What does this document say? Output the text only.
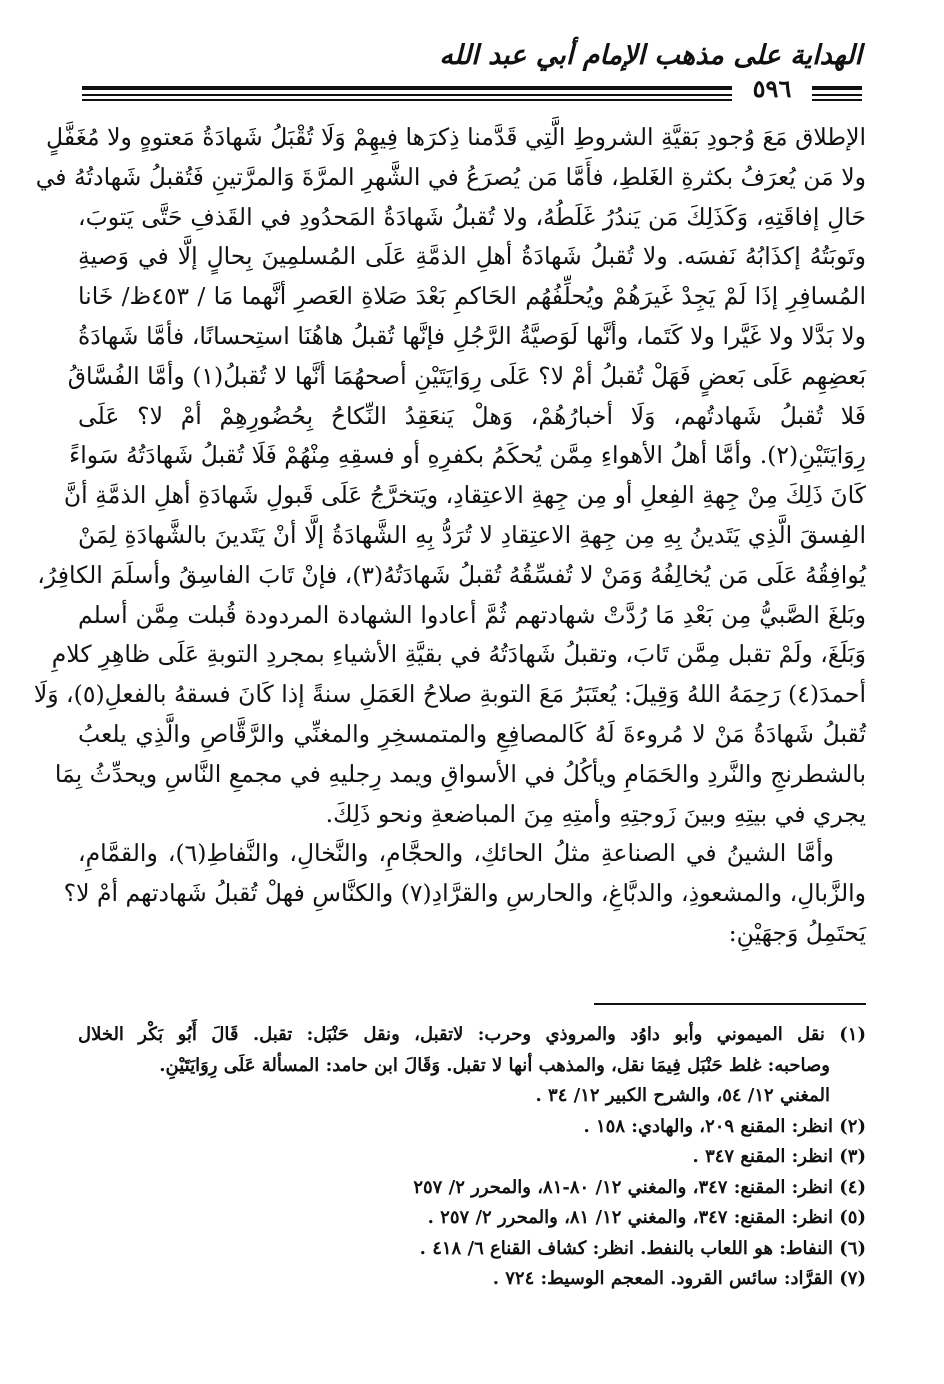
الهداية على مذهب الإمام أبي عبد الله
٥٩٦
الإطلاق مَعَ وُجودِ بَقيَّةِ الشروطِ الَّتِي قَدَّمنا ذِكرَها فِيهِمْ وَلَا تُقْبَلُ شَهادَةُ مَعتوهٍ ولا مُغَفَّلٍ
ولا مَن يُعرَفُ بكثرةِ الغَلطِ، فأَمَّا مَن يُصرَعُ في الشَّهرِ المرَّةَ وَالمرَّتينِ فَتُقبلُ شَهادتُهُ في
حَالِ إفاقَتِهِ، وَكَذَلِكَ مَن يَندُرُ غَلَطُهُ، ولا تُقبلُ شَهادَةُ المَحدُودِ في القَذفِ حَتَّى يَتوبَ،
وتَوبَتُهُ إكذَابُهُ نَفسَه. ولا تُقبلُ شَهادَةُ أهلِ الذمَّةِ عَلَى المُسلمِينَ بِحالٍ إلَّا في وَصيةِ
المُسافِرِ إذَا لَمْ يَجِدْ غَيرَهُمْ ويُحلِّفُهُم الحَاكمِ بَعْدَ صَلاةِ العَصرِ أنَّهما مَا / ٤٥٣ظ/ خَانا
ولا بَدَّلا ولا غَيَّرا ولا كَتَما، وأنَّها لَوَصيَّةُ الرَّجُلِ فإنَّها تُقبلُ هاهُنَا استِحسانًا، فأمَّا شَهادَةُ
بَعضِهِم عَلَى بَعضٍ فَهَلْ تُقبلُ أمْ لا؟ عَلَى رِوَايَتَيْنِ أصحهُمَا أنَّها لا تُقبلُ(١) وأمَّا الفُسَّاقُ
فَلا تُقبلُ شَهادتُهم، وَلَا أخبارُهُمْ، وَهلْ يَنعَقِدُ النِّكاحُ بِحُضُورِهِمْ أمْ لا؟ عَلَى
رِوَايَتَيْنِ(٢). وأمَّا أهلُ الأهواءِ مِمَّن يُحكَمُ بكفرِهِ أو فسقِهِ مِنْهُمْ فَلَا تُقبلُ شَهادَتُهُ سَواءً
كَانَ ذَلِكَ مِنْ جِهةِ الفِعلِ أو مِن جِهةِ الاعتِقادِ، ويَتخرَّجُ عَلَى قَبولِ شَهادَةِ أهلِ الذمَّةِ أنَّ
الفِسقَ الَّذِي يَتَدينُ بِهِ مِن جِهةِ الاعتِقادِ لا تُرَدُّ بِهِ الشَّهادَةُ إلَّا أنْ يَتَدينَ بالشَّهادَةِ لِمَنْ
يُوافِقُهُ عَلَى مَن يُخالِفُهُ وَمَنْ لا تُفسِّقُهُ تُقبلُ شَهادَتُهُ(٣)، فإنْ تَابَ الفاسِقُ وأسلَمَ الكافِرُ،
وبَلغَ الصَّبيُّ مِن بَعْدِ مَا رُدَّتْ شهادتهم ثُمَّ أعادوا الشهادة المردودة قُبلت مِمَّن أسلم
وَبَلَغَ، ولَمْ تقبل مِمَّن تَابَ، وتقبلُ شَهادَتُهُ في بقيَّةِ الأشياءِ بمجردِ التوبةِ عَلَى ظاهِرِ كلامِ
أحمدَ(٤) رَحِمَهُ اللهُ وَقِيلَ: يُعتَبَرُ مَعَ التوبةِ صلاحُ العَمَلِ سنةً إذا كَانَ فسقهُ بالفعلِ(٥)، وَلَا
تُقبلُ شَهادَةُ مَنْ لا مُروءةَ لَهُ كَالمصافِعِ والمتمسخِرِ والمغنِّي والرَّقَّاصِ والَّذِي يلعبُ
بالشطرنجِ والنَّردِ والحَمَامِ ويأكُلُ في الأسواقِ ويمد رِجليهِ في مجمعِ النَّاسِ ويحدِّثُ بِمَا
يجري في بيتِهِ وبينَ زَوجتِهِ وأمتِهِ مِنَ المباضعةِ ونحو ذَلِكَ.
وأمَّا الشينُ في الصناعةِ مثلُ الحائكِ، والحجَّامِ، والنَّخالِ، والنَّفاطِ(٦)، والقمَّامِ،
والزَّبالِ، والمشعوذِ، والدبَّاغِ، والحارسِ والقرَّادِ(٧) والكنَّاسِ فهلْ تُقبلُ شَهادتهم أمْ لا؟
يَحتَمِلُ وَجهَيْنِ:
(١) نقل الميموني وأبو داوُد والمروذي وحرب: لاتقبل، ونقل حَنْبَل: تقبل. قَالَ أَبُو بَكْر الخلال
وصاحبه: غلط حَنْبَل فِيمَا نقل، والمذهب أنها لا تقبل. وَقَالَ ابن حامد: المسألة عَلَى رِوَايَتَيْنِ.
المغني ١٢/ ٥٤، والشرح الكبير ١٢/ ٣٤ .
(٢) انظر: المقنع ٢٠٩، والهادي: ١٥٨ .
(٣) انظر: المقنع ٣٤٧ .
(٤) انظر: المقنع: ٣٤٧، والمغني ١٢/ ٨٠-٨١، والمحرر ٢/ ٢٥٧
(٥) انظر: المقنع: ٣٤٧، والمغني ١٢/ ٨١، والمحرر ٢/ ٢٥٧ .
(٦) النفاط: هو اللعاب بالنفط. انظر: كشاف القناع ٦/ ٤١٨ .
(٧) القرَّاد: سائس القرود. المعجم الوسيط: ٧٢٤ .
